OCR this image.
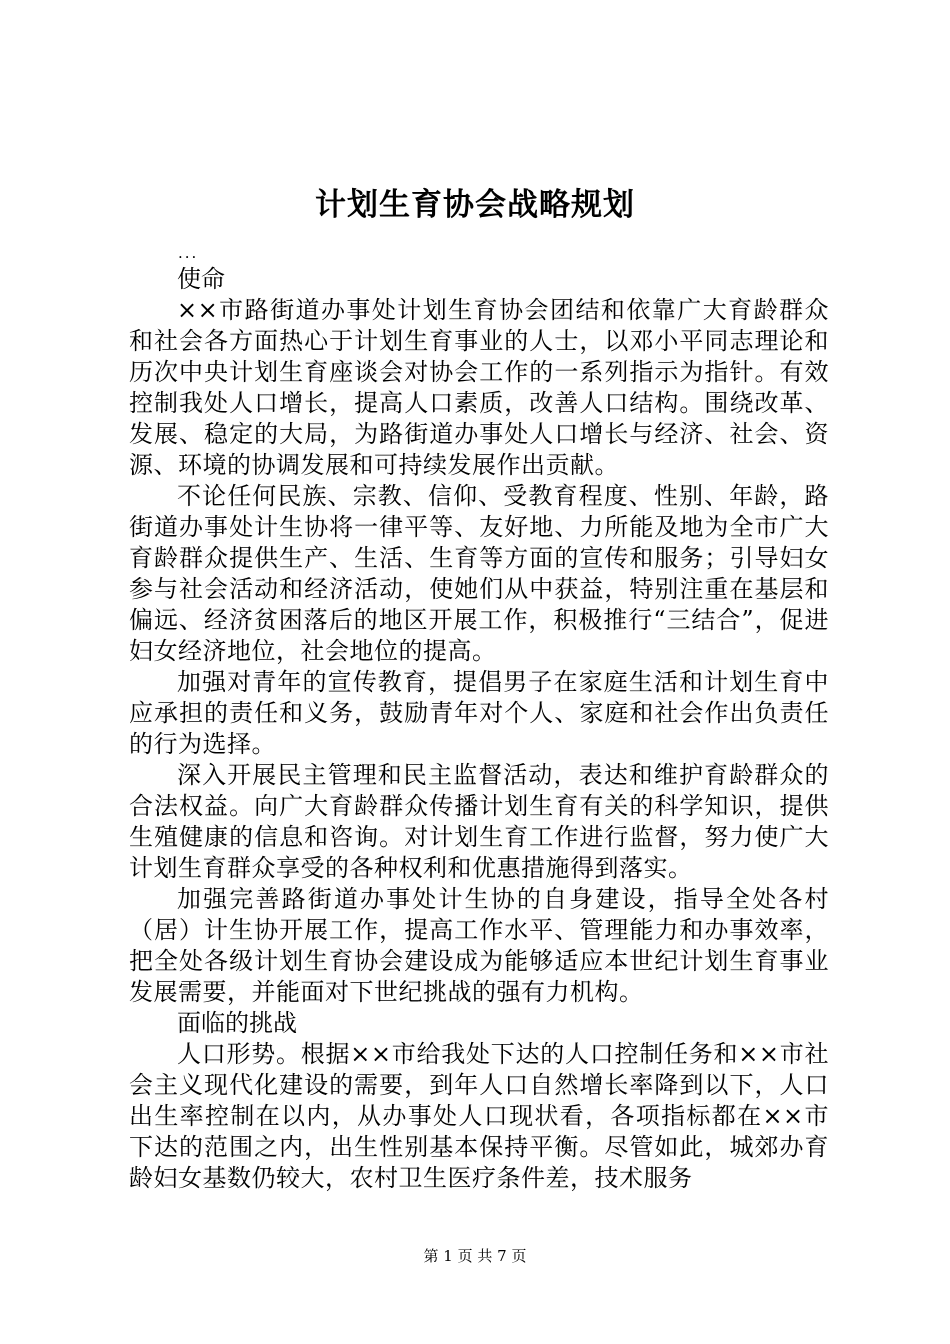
计划生育协会战略规划
...

使命

××市路街道办事处计划生育协会团结和依靠广大育龄群众和社会各方面热心于计划生育事业的人士，以邓小平同志理论和历次中央计划生育座谈会对协会工作的一系列指示为指针。有效控制我处人口增长，提高人口素质，改善人口结构。围绕改革、发展、稳定的大局，为路街道办事处人口增长与经济、社会、资源、环境的协调发展和可持续发展作出贡献。

不论任何民族、宗教、信仰、受教育程度、性别、年龄，路街道办事处计生协将一律平等、友好地、力所能及地为全市广大育龄群众提供生产、生活、生育等方面的宣传和服务；引导妇女参与社会活动和经济活动，使她们从中获益，特别注重在基层和偏远、经济贫困落后的地区开展工作，积极推行“三结合”，促进妇女经济地位，社会地位的提高。

加强对青年的宣传教育，提倡男子在家庭生活和计划生育中应承担的责任和义务，鼓励青年对个人、家庭和社会作出负责任的行为选择。

深入开展民主管理和民主监督活动，表达和维护育龄群众的合法权益。向广大育龄群众传播计划生育有关的科学知识，提供生殖健康的信息和咨询。对计划生育工作进行监督，努力使广大计划生育群众享受的各种权利和优惠措施得到落实。

加强完善路街道办事处计生协的自身建设，指导全处各村（居）计生协开展工作，提高工作水平、管理能力和办事效率，把全处各级计划生育协会建设成为能够适应本世纪计划生育事业发展需要，并能面对下世纪挑战的强有力机构。

面临的挑战

人口形势。根据××市给我处下达的人口控制任务和××市社会主义现代化建设的需要，到年人口自然增长率降到以下，人口出生率控制在以内，从办事处人口现状看，各项指标都在××市下达的范围之内，出生性别基本保持平衡。尽管如此，城郊办育龄妇女基数仍较大，农村卫生医疗条件差，技术服务

第 1 页 共 7 页
